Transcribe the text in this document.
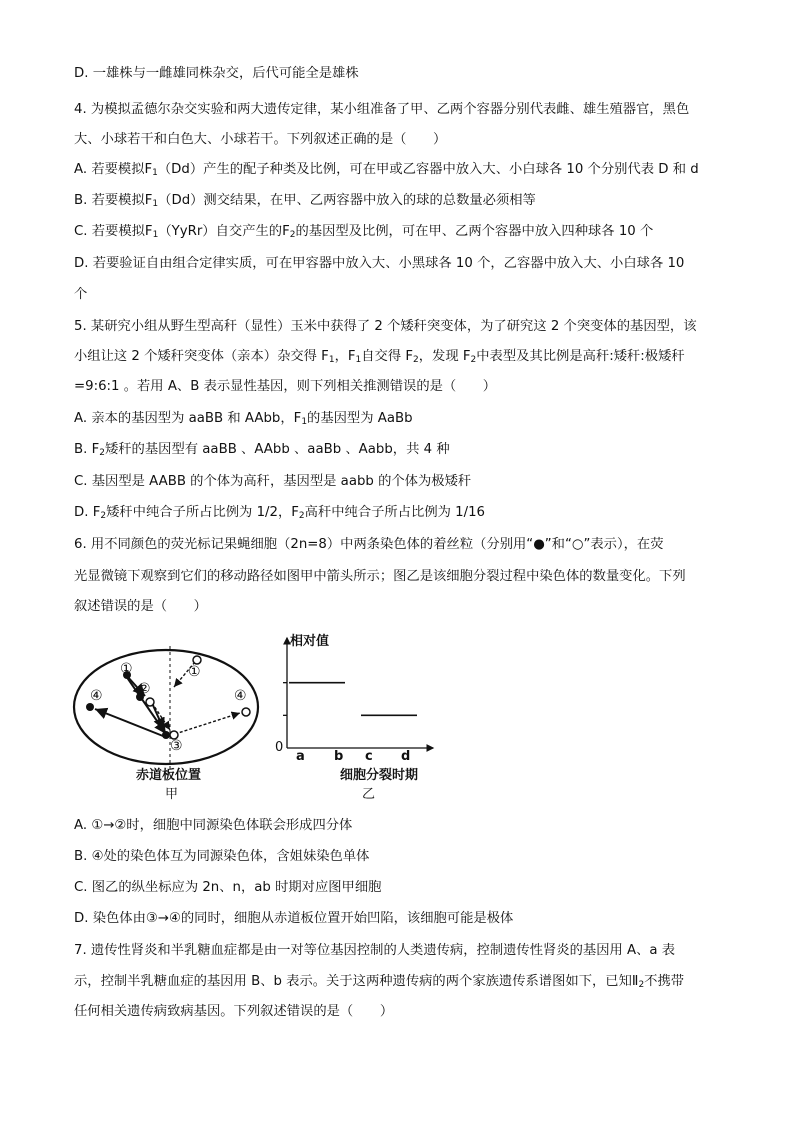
D. 一雄株与一雌雄同株杂交，后代可能全是雄株
4. 为模拟孟德尔杂交实验和两大遗传定律，某小组准备了甲、乙两个容器分别代表雌、雄生殖器官，黑色
大、小球若干和白色大、小球若干。下列叙述正确的是（　　）
A. 若要模拟$F_1(Dd)$产生的配子种类及比例，可在甲或乙容器中放入大、小白球各 10 个分别代表 D 和 d
B. 若要模拟$F_1(Dd)$测交结果，在甲、乙两容器中放入的球的总数量必须相等
C. 若要模拟$F_1(YyRr)$自交产生的$F_2$的基因型及比例，可在甲、乙两个容器中放入四种球各 10 个
D. 若要验证自由组合定律实质，可在甲容器中放入大、小黑球各 10 个，乙容器中放入大、小白球各 10
个
5. 某研究小组从野生型高秆（显性）玉米中获得了 2 个矮秆突变体，为了研究这 2 个突变体的基因型，该
小组让这 2 个矮秆突变体（亲本）杂交得 $F_1$，$F_1$自交得 $F_2$，发现 $F_2$中表型及其比例是高秆:矮秆:极矮秆
=9:6:1 。若用 A、B 表示显性基因，则下列相关推测错误的是（　　）
A. 亲本的基因型为 aaBB 和 AAbb，$F_1$的基因型为 AaBb
B. $F_2$矮秆的基因型有 aaBB 、AAbb 、aaBb 、Aabb，共 4 种
C. 基因型是 AABB 的个体为高秆，基因型是 aabb 的个体为极矮秆
D. $F_2$矮秆中纯合子所占比例为 1/2，$F_2$高秆中纯合子所占比例为 1/16
6. 用不同颜色的荧光标记果蝇细胞（2n=8）中两条染色体的着丝粒（分别用“●”和“○”表示），在荧
光显微镜下观察到它们的移动路径如图甲中箭头所示；图乙是该细胞分裂过程中染色体的数量变化。下列
叙述错误的是（　　）
①	①
②
③
④	④
赤道板位置
甲
相对值
0
a b c d
细胞分裂时期
乙
A. ①→②时，细胞中同源染色体联会形成四分体
B. ④处的染色体互为同源染色体，含姐妹染色单体
C. 图乙的纵坐标应为 2n、n，ab 时期对应图甲细胞
D. 染色体由③→④的同时，细胞从赤道板位置开始凹陷，该细胞可能是极体
7. 遗传性肾炎和半乳糖血症都是由一对等位基因控制的人类遗传病，控制遗传性肾炎的基因用 A、a 表
示，控制半乳糖血症的基因用 B、b 表示。关于这两种遗传病的两个家族遗传系谱图如下，已知$Ⅱ_2$不携带
任何相关遗传病致病基因。下列叙述错误的是（　　）
